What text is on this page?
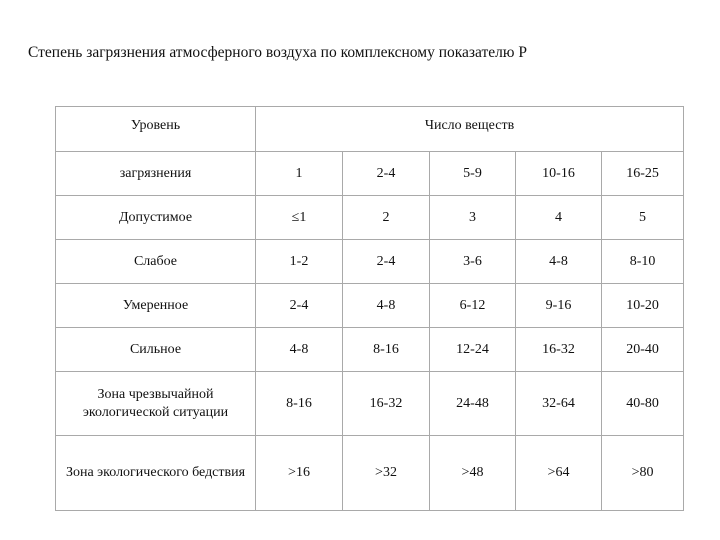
Степень загрязнения атмосферного воздуха по комплексному показателю P
Уровень	Число веществ				
загрязнения	1	2-4	5-9	10-16	16-25
Допустимое	≤1	2	3	4	5
Слабое	1-2	2-4	3-6	4-8	8-10
Умеренное	2-4	4-8	6-12	9-16	10-20
Сильное	4-8	8-16	12-24	16-32	20-40
Зона чрезвычайной экологической ситуации	8-16	16-32	24-48	32-64	40-80
Зона экологического бедствия	>16	>32	>48	>64	>80
